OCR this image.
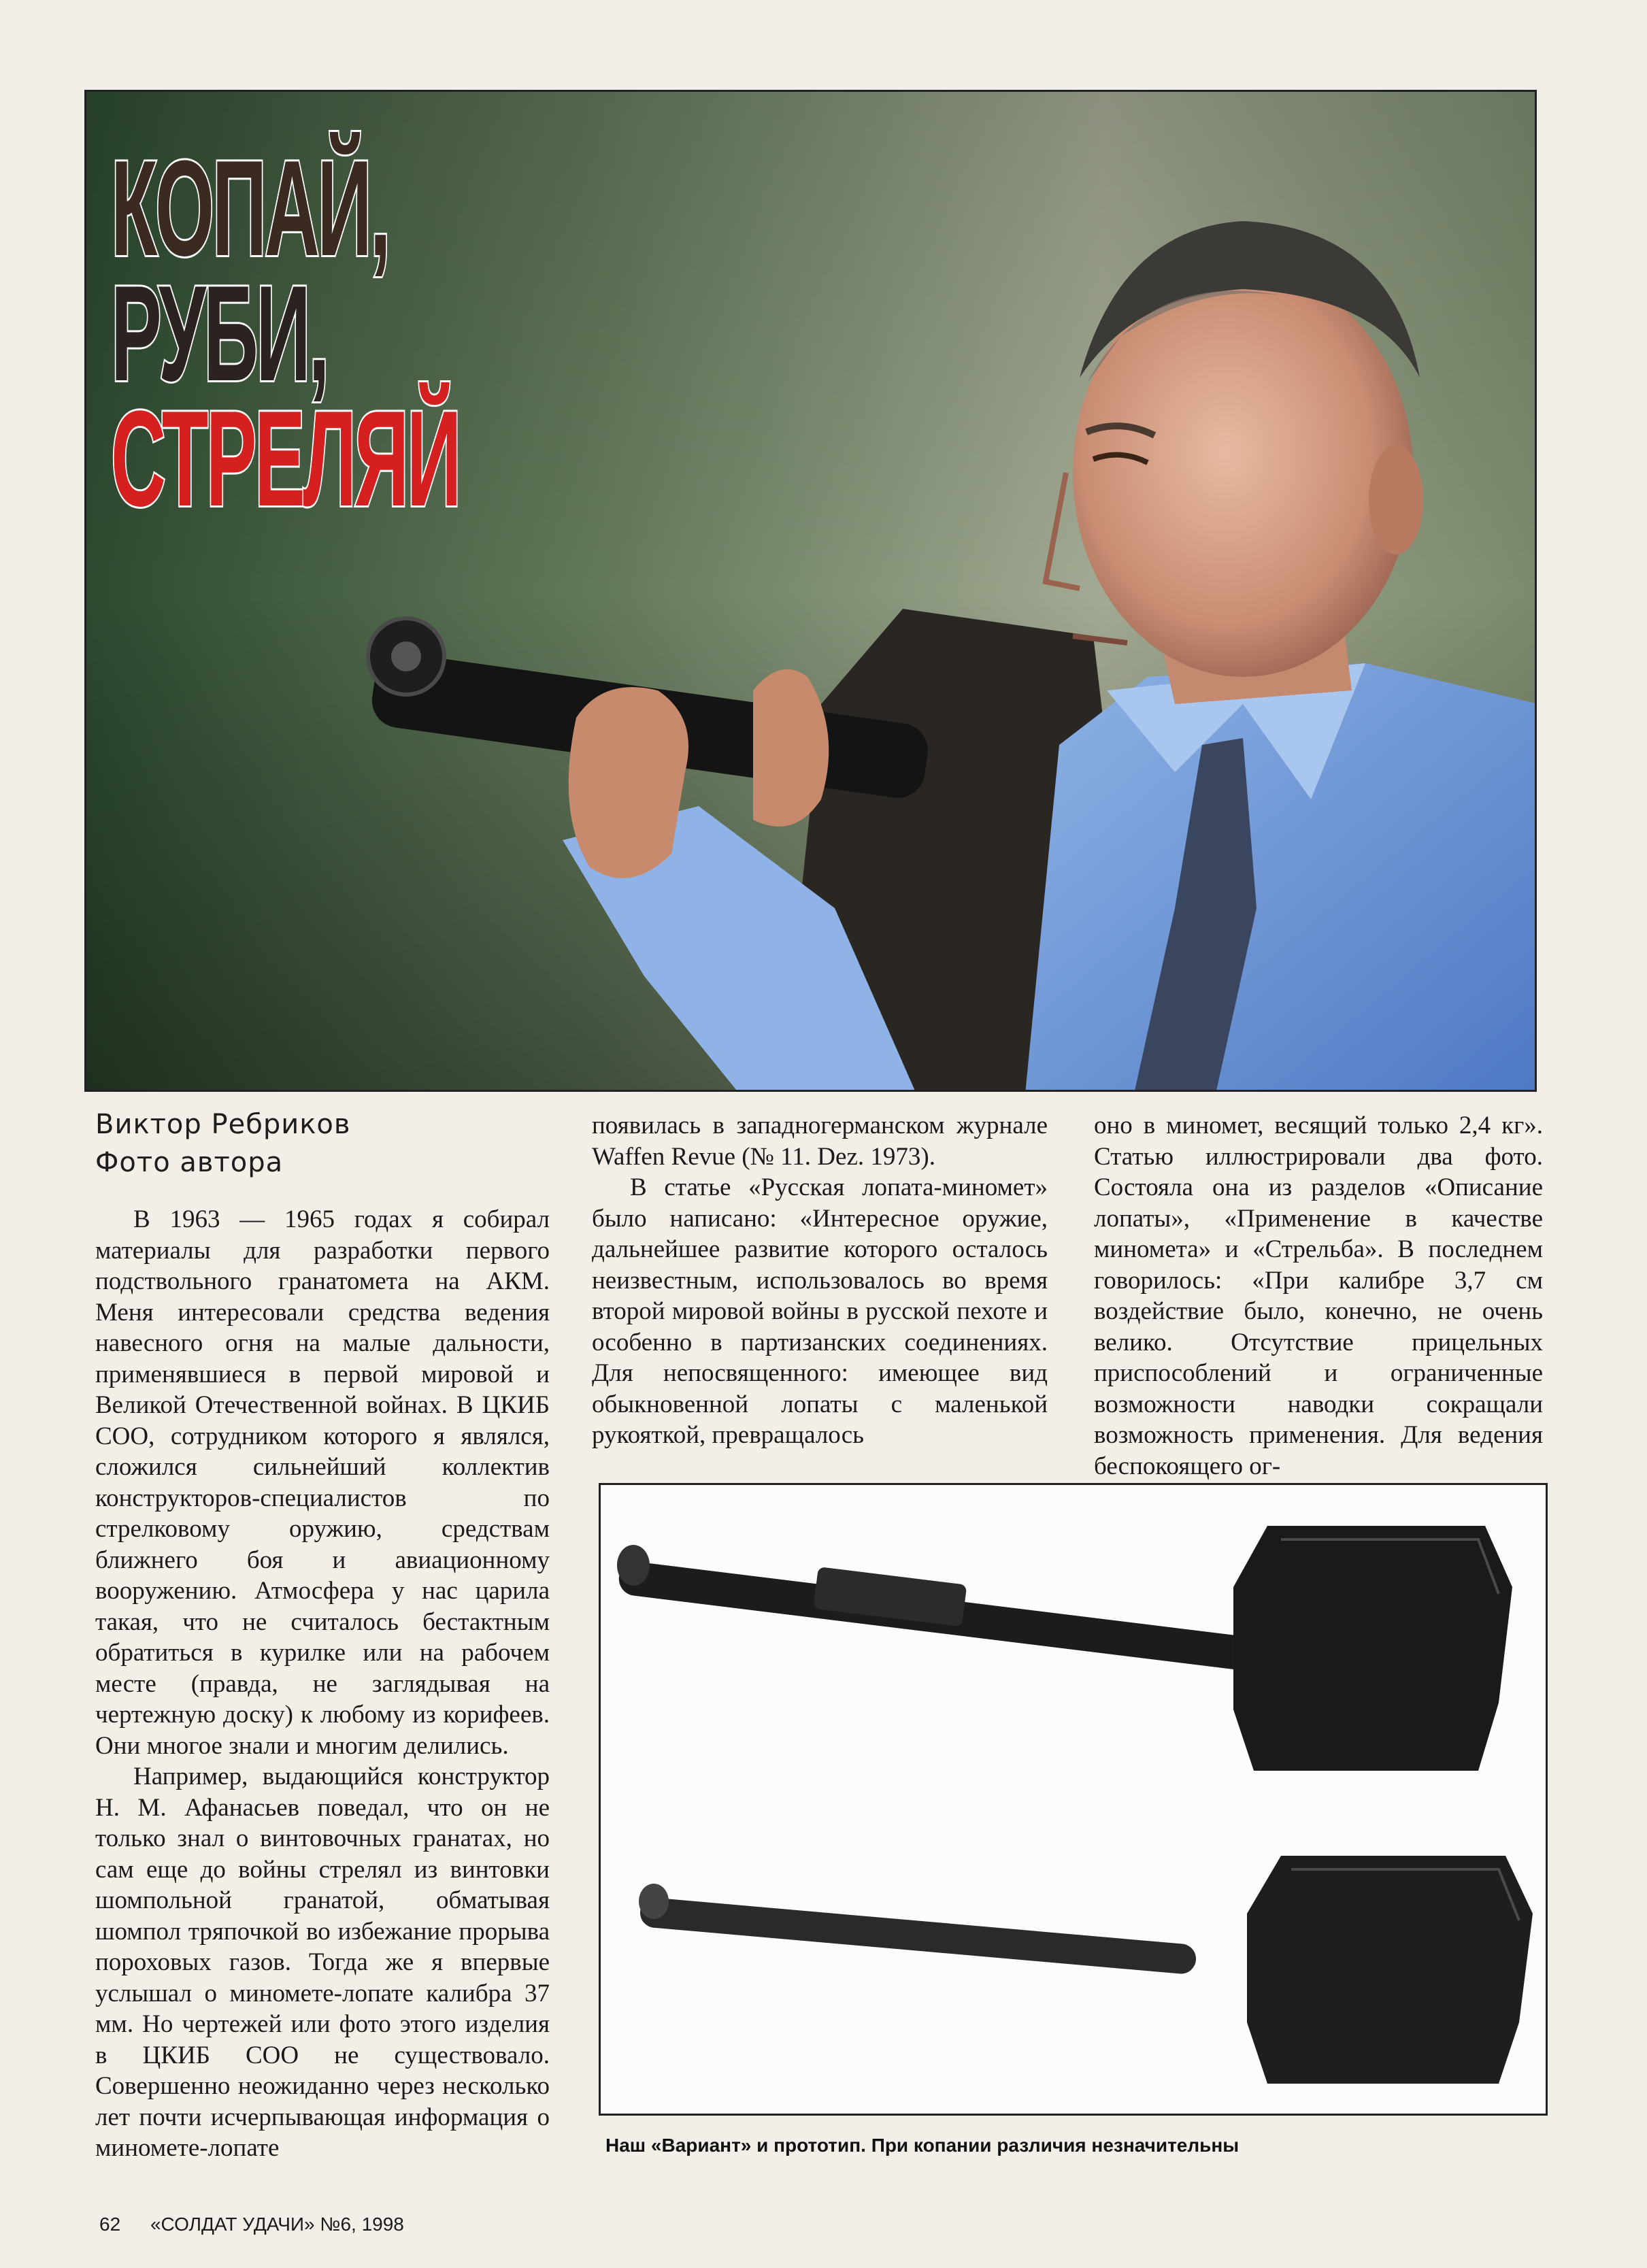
КОПАЙ,
РУБИ,
СТРЕЛЯЙ
Виктор Ребриков
Фото автора

В 1963 — 1965 годах я собирал материалы для разработки первого подствольного гранатомета на АКМ. Меня интересовали средства ведения навесного огня на малые дальности, применявшиеся в первой мировой и Великой Отечественной войнах. В ЦКИБ СОО, сотрудником которого я являлся, сложился сильнейший коллектив конструкторов-специалистов по стрелковому оружию, средствам ближнего боя и авиационному вооружению. Атмосфера у нас царила такая, что не считалось бестактным обратиться в курилке или на рабочем месте (правда, не заглядывая на чертежную доску) к любому из корифеев. Они многое знали и многим делились.

Например, выдающийся конструктор Н. М. Афанасьев поведал, что он не только знал о винтовочных гранатах, но сам еще до войны стрелял из винтовки шомпольной гранатой, обматывая шомпол тряпочкой во избежание прорыва пороховых газов. Тогда же я впервые услышал о миномете-лопате калибра 37 мм. Но чертежей или фото этого изделия в ЦКИБ СОО не существовало. Совершенно неожиданно через несколько лет почти исчерпывающая информация о миномете-лопате

появилась в западногерманском журнале Waffen Revue (№ 11. Dez. 1973).

В статье «Русская лопата-миномет» было написано: «Интересное оружие, дальнейшее развитие которого осталось неизвестным, использовалось во время второй мировой войны в русской пехоте и особенно в партизанских соединениях. Для непосвященного: имеющее вид обыкновенной лопаты с маленькой рукояткой, превращалось

оно в миномет, весящий только 2,4 кг». Статью иллюстрировали два фото. Состояла она из разделов «Описание лопаты», «Применение в качестве миномета» и «Стрельба». В последнем говорилось: «При калибре 3,7 см воздействие было, конечно, не очень велико. Отсутствие прицельных приспособлений и ограниченные возможности наводки сокращали возможность применения. Для ведения беспокоящего ог-

Наш «Вариант» и прототип. При копании различия незначительны
62 «СОЛДАТ УДАЧИ» №6, 1998
